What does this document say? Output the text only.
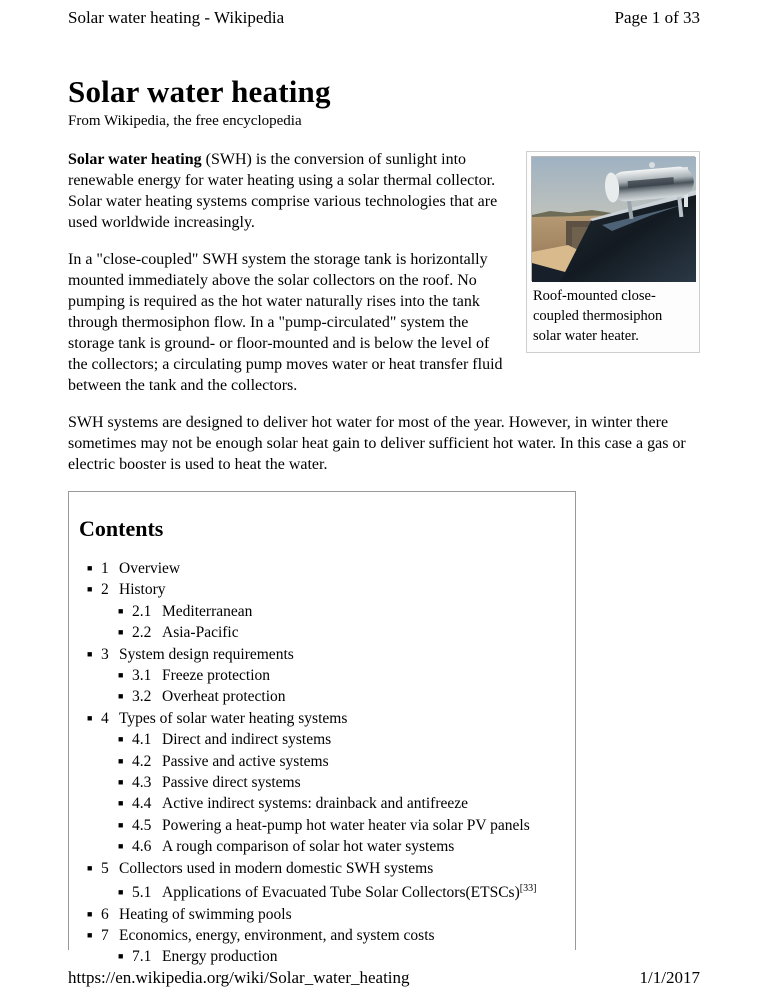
Solar water heating - Wikipedia	Page 1 of 33
Solar water heating
From Wikipedia, the free encyclopedia
Roof-mounted close-coupled thermosiphon solar water heater.

Solar water heating (SWH) is the conversion of sunlight into renewable energy for water heating using a solar thermal collector. Solar water heating systems comprise various technologies that are used worldwide increasingly.

In a "close-coupled" SWH system the storage tank is horizontally mounted immediately above the solar collectors on the roof. No pumping is required as the hot water naturally rises into the tank through thermosiphon flow. In a "pump-circulated" system the storage tank is ground- or floor-mounted and is below the level of the collectors; a circulating pump moves water or heat transfer fluid between the tank and the collectors.

SWH systems are designed to deliver hot water for most of the year. However, in winter there sometimes may not be enough solar heat gain to deliver sufficient hot water. In this case a gas or electric booster is used to heat the water.

Contents
■ 1 Overview
■ 2 History
■ 2.1 Mediterranean
■ 2.2 Asia-Pacific
■ 3 System design requirements
■ 3.1 Freeze protection
■ 3.2 Overheat protection
■ 4 Types of solar water heating systems
■ 4.1 Direct and indirect systems
■ 4.2 Passive and active systems
■ 4.3 Passive direct systems
■ 4.4 Active indirect systems: drainback and antifreeze
■ 4.5 Powering a heat-pump hot water heater via solar PV panels
■ 4.6 A rough comparison of solar hot water systems
■ 5 Collectors used in modern domestic SWH systems
■ 5.1 Applications of Evacuated Tube Solar Collectors(ETSCs)[33]
■ 6 Heating of swimming pools
■ 7 Economics, energy, environment, and system costs
■ 7.1 Energy production
https://en.wikipedia.org/wiki/Solar_water_heating	1/1/2017
